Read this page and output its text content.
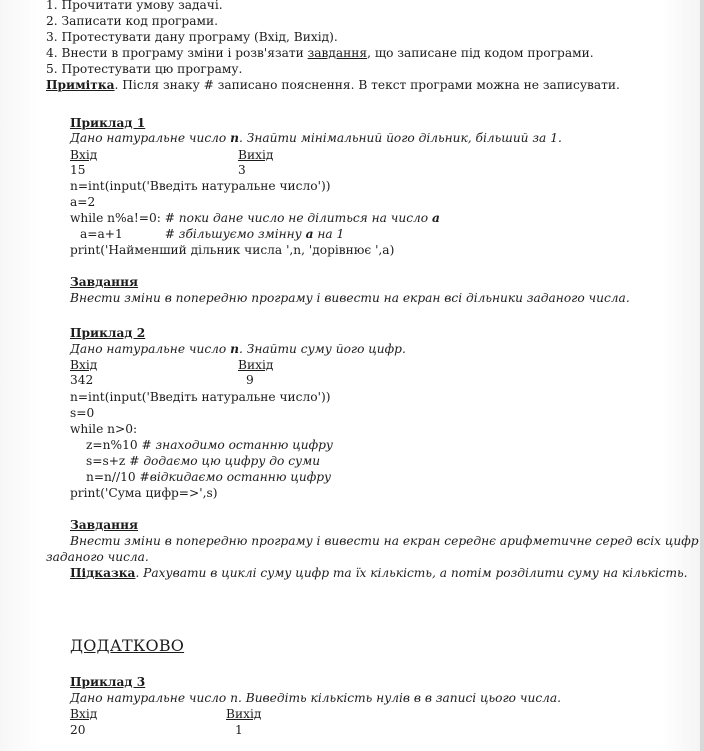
1. Прочитати умову задачі.
2. Записати код програми.
3. Протестувати дану програму (Вхід, Вихід).
4. Внести в програму зміни і розв'язати завдання, що записане під кодом програми.
5. Протестувати цю програму.
Примітка. Після знаку # записано пояснення. В текст програми можна не записувати.
Приклад 1
Дано натуральне число n. Знайти мінімальний його дільник, більший за 1.
Вхід	Вихід
15	3
n=int(input('Введіть натуральне число'))
a=2
while n%a!=0: # поки дане число не ділиться на число a
a=a+1	# збільшуємо змінну a на 1
print('Найменший дільник числа ',n, 'дорівнює ',a)
Завдання
Внести зміни в попередню програму і вивести на екран всі дільники заданого числа.
Приклад 2
Дано натуральне число n. Знайти суму його цифр.
Вхід	Вихід
342	9
n=int(input('Введіть натуральне число'))
s=0
while n>0:
z=n%10 # знаходимо останню цифру
s=s+z # додаємо цю цифру до суми
n=n//10 #відкидаємо останню цифру
print('Сума цифр=>',s)
Завдання
Внести зміни в попередню програму і вивести на екран середнє арифметичне серед всіх цифр
заданого числа.
Підказка. Рахувати в циклі суму цифр та їх кількість, а потім розділити суму на кількість.
ДОДАТКОВО
Приклад 3
Дано натуральне число n. Виведіть кількість нулів в в записі цього числа.
Вхід	Вихід
20	1
